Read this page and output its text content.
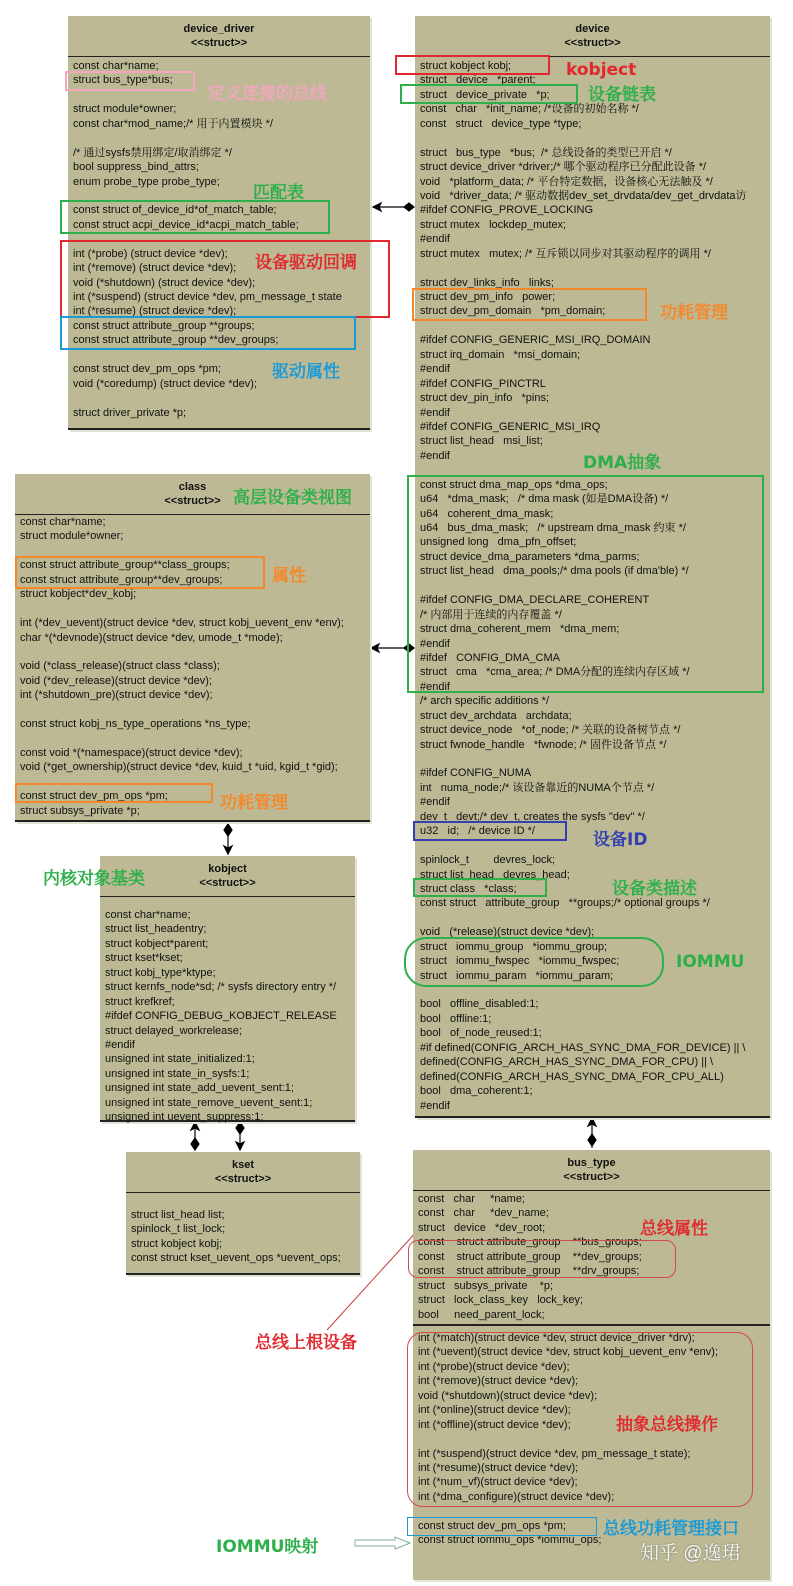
device_driver
<<struct>>
const char*name;
struct bus_type*bus;
struct module*owner;
const char*mod_name;/* 用于内置模块 */
/* 通过sysfs禁用绑定/取消绑定 */
bool suppress_bind_attrs;
enum probe_type probe_type;
const struct of_device_id*of_match_table;
const struct acpi_device_id*acpi_match_table;
int (*probe) (struct device *dev);
int (*remove) (struct device *dev);
void (*shutdown) (struct device *dev);
int (*suspend) (struct device *dev, pm_message_t state
int (*resume) (struct device *dev);
const struct attribute_group **groups;
const struct attribute_group **dev_groups;
const struct dev_pm_ops *pm;
void (*coredump) (struct device *dev);
struct driver_private *p;
device
<<struct>>
struct kobject kobj;
struct   device   *parent;
struct   device_private   *p;
const   char   *init_name; /*设备的初始名称 */
const   struct   device_type *type;
struct   bus_type   *bus;  /* 总线设备的类型已开启 */
struct device_driver *driver;/* 哪个驱动程序已分配此设备 */
void   *platform_data; /* 平台特定数据，设备核心无法触及 */
void   *driver_data; /* 驱动数据dev_set_drvdata/dev_get_drvdata访
#ifdef CONFIG_PROVE_LOCKING
struct mutex   lockdep_mutex;
#endif
struct mutex   mutex; /* 互斥锁以同步对其驱动程序的调用 */
struct dev_links_info   links;
struct dev_pm_info   power;
struct dev_pm_domain   *pm_domain;
#ifdef CONFIG_GENERIC_MSI_IRQ_DOMAIN
struct irq_domain   *msi_domain;
#endif
#ifdef CONFIG_PINCTRL
struct dev_pin_info   *pins;
#endif
#ifdef CONFIG_GENERIC_MSI_IRQ
struct list_head   msi_list;
#endif
const struct dma_map_ops *dma_ops;
u64   *dma_mask;   /* dma mask (如是DMA设备) */
u64   coherent_dma_mask;
u64   bus_dma_mask;   /* upstream dma_mask 约束 */
unsigned long   dma_pfn_offset;
struct device_dma_parameters *dma_parms;
struct list_head   dma_pools;/* dma pools (if dma'ble) */
#ifdef CONFIG_DMA_DECLARE_COHERENT
/* 内部用于连续的内存覆盖 */
struct dma_coherent_mem   *dma_mem;
#endif
#ifdef   CONFIG_DMA_CMA
struct   cma   *cma_area; /* DMA分配的连续内存区域 */
#endif
/* arch specific additions */
struct dev_archdata   archdata;
struct device_node   *of_node; /* 关联的设备树节点 */
struct fwnode_handle   *fwnode; /* 固件设备节点 */
#ifdef CONFIG_NUMA
int   numa_node;/* 该设备靠近的NUMA个节点 */
#endif
dev_t   devt;/* dev_t, creates the sysfs "dev" */
u32   id;   /* device ID */
spinlock_t        devres_lock;
struct list_head   devres_head;
struct class   *class;
const struct   attribute_group   **groups;/* optional groups */
void   (*release)(struct device *dev);
struct   iommu_group   *iommu_group;
struct   iommu_fwspec   *iommu_fwspec;
struct   iommu_param   *iommu_param;
bool   offline_disabled:1;
bool   offline:1;
bool   of_node_reused:1;
#if defined(CONFIG_ARCH_HAS_SYNC_DMA_FOR_DEVICE) || \
defined(CONFIG_ARCH_HAS_SYNC_DMA_FOR_CPU) || \
defined(CONFIG_ARCH_HAS_SYNC_DMA_FOR_CPU_ALL)
bool   dma_coherent:1;
#endif
class
<<struct>>
const char*name;
struct module*owner;
const struct attribute_group**class_groups;
const struct attribute_group**dev_groups;
struct kobject*dev_kobj;
int (*dev_uevent)(struct device *dev, struct kobj_uevent_env *env);
char *(*devnode)(struct device *dev, umode_t *mode);
void (*class_release)(struct class *class);
void (*dev_release)(struct device *dev);
int (*shutdown_pre)(struct device *dev);
const struct kobj_ns_type_operations *ns_type;
const void *(*namespace)(struct device *dev);
void (*get_ownership)(struct device *dev, kuid_t *uid, kgid_t *gid);
const struct dev_pm_ops *pm;
struct subsys_private *p;
kobject
<<struct>>
const char*name;
struct list_headentry;
struct kobject*parent;
struct kset*kset;
struct kobj_type*ktype;
struct kernfs_node*sd; /* sysfs directory entry */
struct krefkref;
#ifdef CONFIG_DEBUG_KOBJECT_RELEASE
struct delayed_workrelease;
#endif
unsigned int state_initialized:1;
unsigned int state_in_sysfs:1;
unsigned int state_add_uevent_sent:1;
unsigned int state_remove_uevent_sent:1;
unsigned int uevent_suppress:1;
kset
<<struct>>
struct list_head list;
spinlock_t list_lock;
struct kobject kobj;
const struct kset_uevent_ops *uevent_ops;
bus_type
<<struct>>
const   char     *name;
const   char     *dev_name;
struct   device   *dev_root;
const    struct attribute_group    **bus_groups;
const    struct attribute_group    **dev_groups;
const    struct attribute_group    **drv_groups;
struct   subsys_private    *p;
struct   lock_class_key   lock_key;
bool     need_parent_lock;
int (*match)(struct device *dev, struct device_driver *drv);
int (*uevent)(struct device *dev, struct kobj_uevent_env *env);
int (*probe)(struct device *dev);
int (*remove)(struct device *dev);
void (*shutdown)(struct device *dev);
int (*online)(struct device *dev);
int (*offline)(struct device *dev);
int (*suspend)(struct device *dev, pm_message_t state);
int (*resume)(struct device *dev);
int (*num_vf)(struct device *dev);
int (*dma_configure)(struct device *dev);
const struct dev_pm_ops *pm;
const struct iommu_ops *iommu_ops;
定义连接的总线
匹配表
设备驱动回调
驱动属性
kobject
设备链表
功耗管理
DMA抽象
高层设备类视图
属性
功耗管理
内核对象基类
设备ID
设备类描述
IOMMU
总线属性
总线上根设备
抽象总线操作
总线功耗管理接口
IOMMU映射	知乎 @逸珺
